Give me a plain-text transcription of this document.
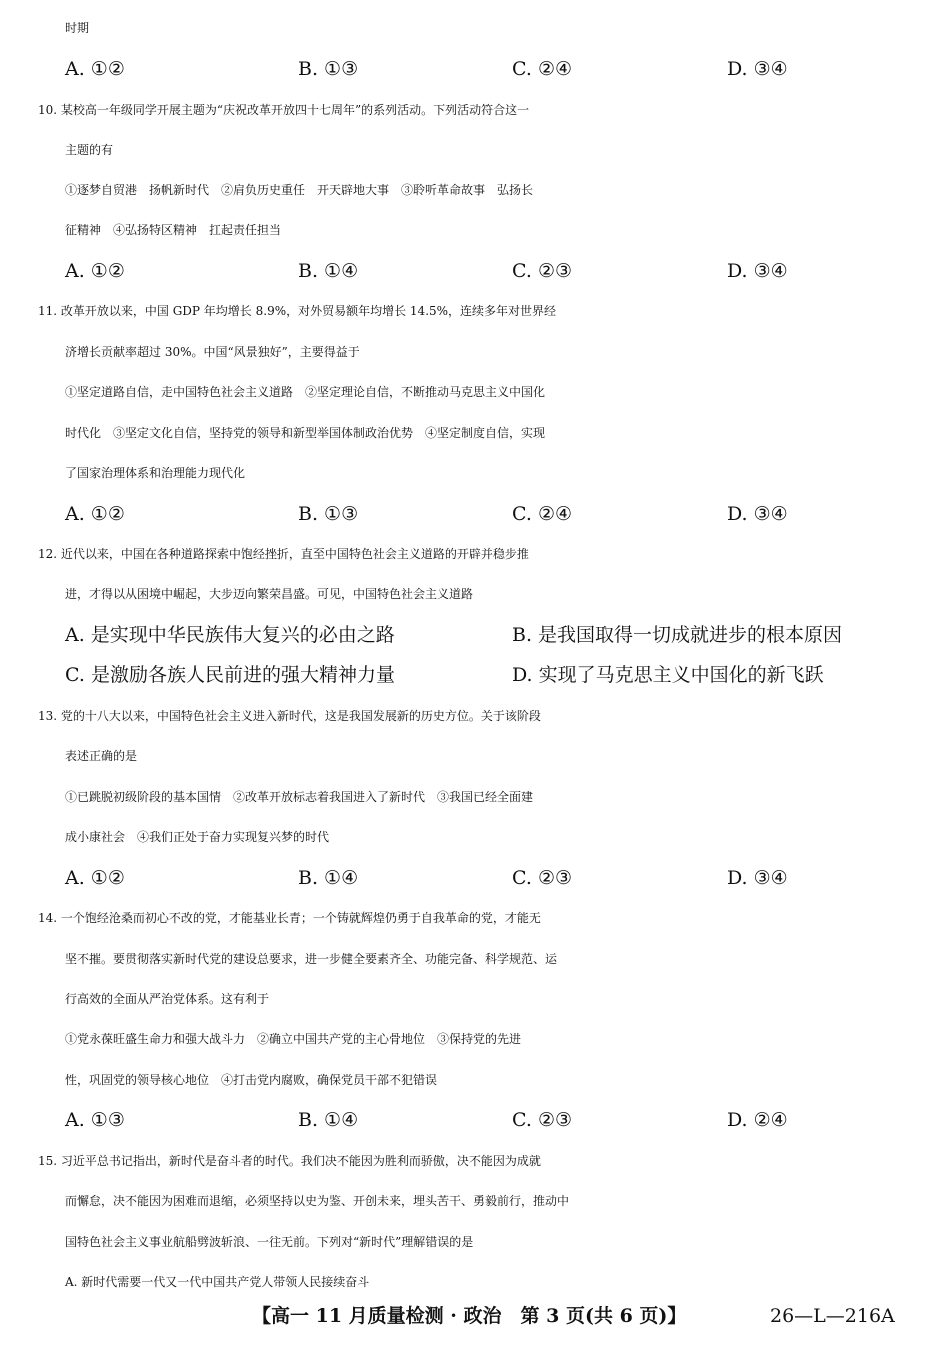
时期
A. ①②	B. ①③	C. ②④	D. ③④
10. 某校高一年级同学开展主题为“庆祝改革开放四十七周年”的系列活动。下列活动符合这一
主题的有
①逐梦自贸港　扬帆新时代　②肩负历史重任　开天辟地大事　③聆听革命故事　弘扬长
征精神　④弘扬特区精神　扛起责任担当
A. ①②	B. ①④	C. ②③	D. ③④
11. 改革开放以来，中国 GDP 年均增长 8.9%，对外贸易额年均增长 14.5%，连续多年对世界经
济增长贡献率超过 30%。中国“风景独好”，主要得益于
①坚定道路自信，走中国特色社会主义道路　②坚定理论自信，不断推动马克思主义中国化
时代化　③坚定文化自信，坚持党的领导和新型举国体制政治优势　④坚定制度自信，实现
了国家治理体系和治理能力现代化
A. ①②	B. ①③	C. ②④	D. ③④
12. 近代以来，中国在各种道路探索中饱经挫折，直至中国特色社会主义道路的开辟并稳步推
进，才得以从困境中崛起，大步迈向繁荣昌盛。可见，中国特色社会主义道路
A. 是实现中华民族伟大复兴的必由之路	B. 是我国取得一切成就进步的根本原因
C. 是激励各族人民前进的强大精神力量	D. 实现了马克思主义中国化的新飞跃
13. 党的十八大以来，中国特色社会主义进入新时代，这是我国发展新的历史方位。关于该阶段
表述正确的是
①已跳脱初级阶段的基本国情　②改革开放标志着我国进入了新时代　③我国已经全面建
成小康社会　④我们正处于奋力实现复兴梦的时代
A. ①②	B. ①④	C. ②③	D. ③④
14. 一个饱经沧桑而初心不改的党，才能基业长青；一个铸就辉煌仍勇于自我革命的党，才能无
坚不摧。要贯彻落实新时代党的建设总要求，进一步健全要素齐全、功能完备、科学规范、运
行高效的全面从严治党体系。这有利于
①党永葆旺盛生命力和强大战斗力　②确立中国共产党的主心骨地位　③保持党的先进
性，巩固党的领导核心地位　④打击党内腐败，确保党员干部不犯错误
A. ①③	B. ①④	C. ②③	D. ②④
15. 习近平总书记指出，新时代是奋斗者的时代。我们决不能因为胜利而骄傲，决不能因为成就
而懈怠，决不能因为困难而退缩，必须坚持以史为鉴、开创未来，埋头苦干、勇毅前行，推动中
国特色社会主义事业航船劈波斩浪、一往无前。下列对“新时代”理解错误的是
A. 新时代需要一代又一代中国共产党人带领人民接续奋斗
【高一 11 月质量检测 · 政治　第 3 页(共 6 页)】	26—L—216A
